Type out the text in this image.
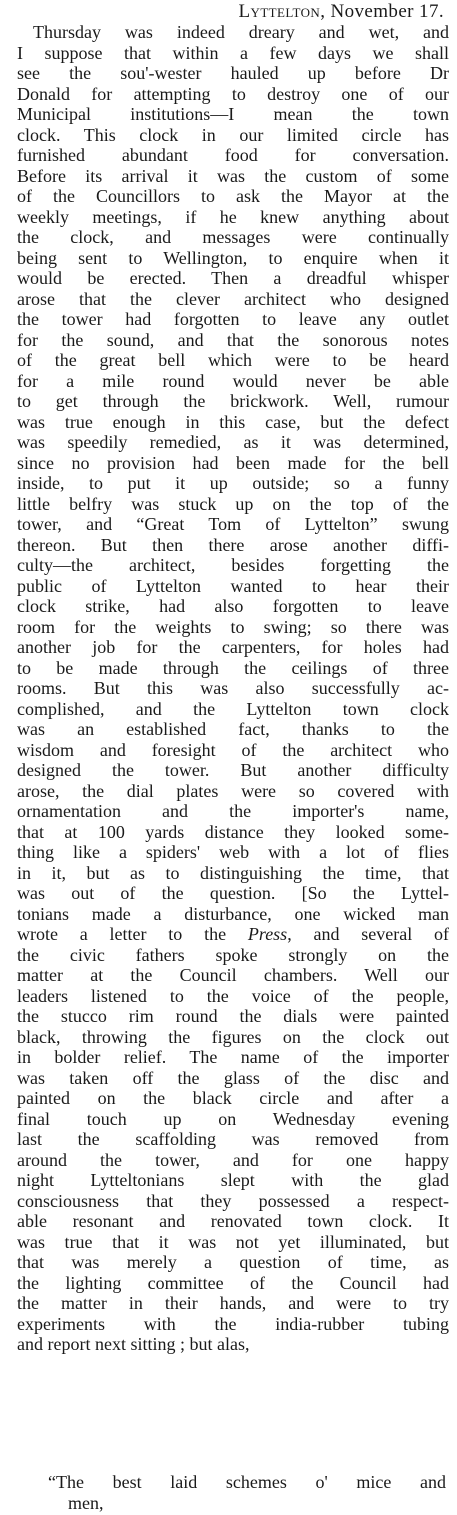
Lyttelton, November 17.
Thursday was indeed dreary and wet, and
I suppose that within a few days we shall
see the sou'-wester hauled up before Dr
Donald for attempting to destroy one of our
Municipal institutions—I mean the town
clock. This clock in our limited circle has
furnished abundant food for conversation.
Before its arrival it was the custom of some
of the Councillors to ask the Mayor at the
weekly meetings, if he knew anything about
the clock, and messages were continually
being sent to Wellington, to enquire when it
would be erected. Then a dreadful whisper
arose that the clever architect who designed
the tower had forgotten to leave any outlet
for the sound, and that the sonorous notes
of the great bell which were to be heard
for a mile round would never be able
to get through the brickwork. Well, rumour
was true enough in this case, but the defect
was speedily remedied, as it was determined,
since no provision had been made for the bell
inside, to put it up outside; so a funny
little belfry was stuck up on the top of the
tower, and “Great Tom of Lyttelton” swung
thereon. But then there arose another diffi-
culty—the architect, besides forgetting the
public of Lyttelton wanted to hear their
clock strike, had also forgotten to leave
room for the weights to swing; so there was
another job for the carpenters, for holes had
to be made through the ceilings of three
rooms. But this was also successfully ac-
complished, and the Lyttelton town clock
was an established fact, thanks to the
wisdom and foresight of the architect who
designed the tower. But another difficulty
arose, the dial plates were so covered with
ornamentation and the importer's name,
that at 100 yards distance they looked some-
thing like a spiders' web with a lot of flies
in it, but as to distinguishing the time, that
was out of the question. [So the Lyttel-
tonians made a disturbance, one wicked man
wrote a letter to the Press, and several of
the civic fathers spoke strongly on the
matter at the Council chambers. Well our
leaders listened to the voice of the people,
the stucco rim round the dials were painted
black, throwing the figures on the clock out
in bolder relief. The name of the importer
was taken off the glass of the disc and
painted on the black circle and after a
final touch up on Wednesday evening
last the scaffolding was removed from
around the tower, and for one happy
night Lytteltonians slept with the glad
consciousness that they possessed a respect-
able resonant and renovated town clock. It
was true that it was not yet illuminated, but
that was merely a question of time, as
the lighting committee of the Council had
the matter in their hands, and were to try
experiments with the india-rubber tubing
and report next sitting ; but alas,
“The best laid schemes o' mice and
men,
